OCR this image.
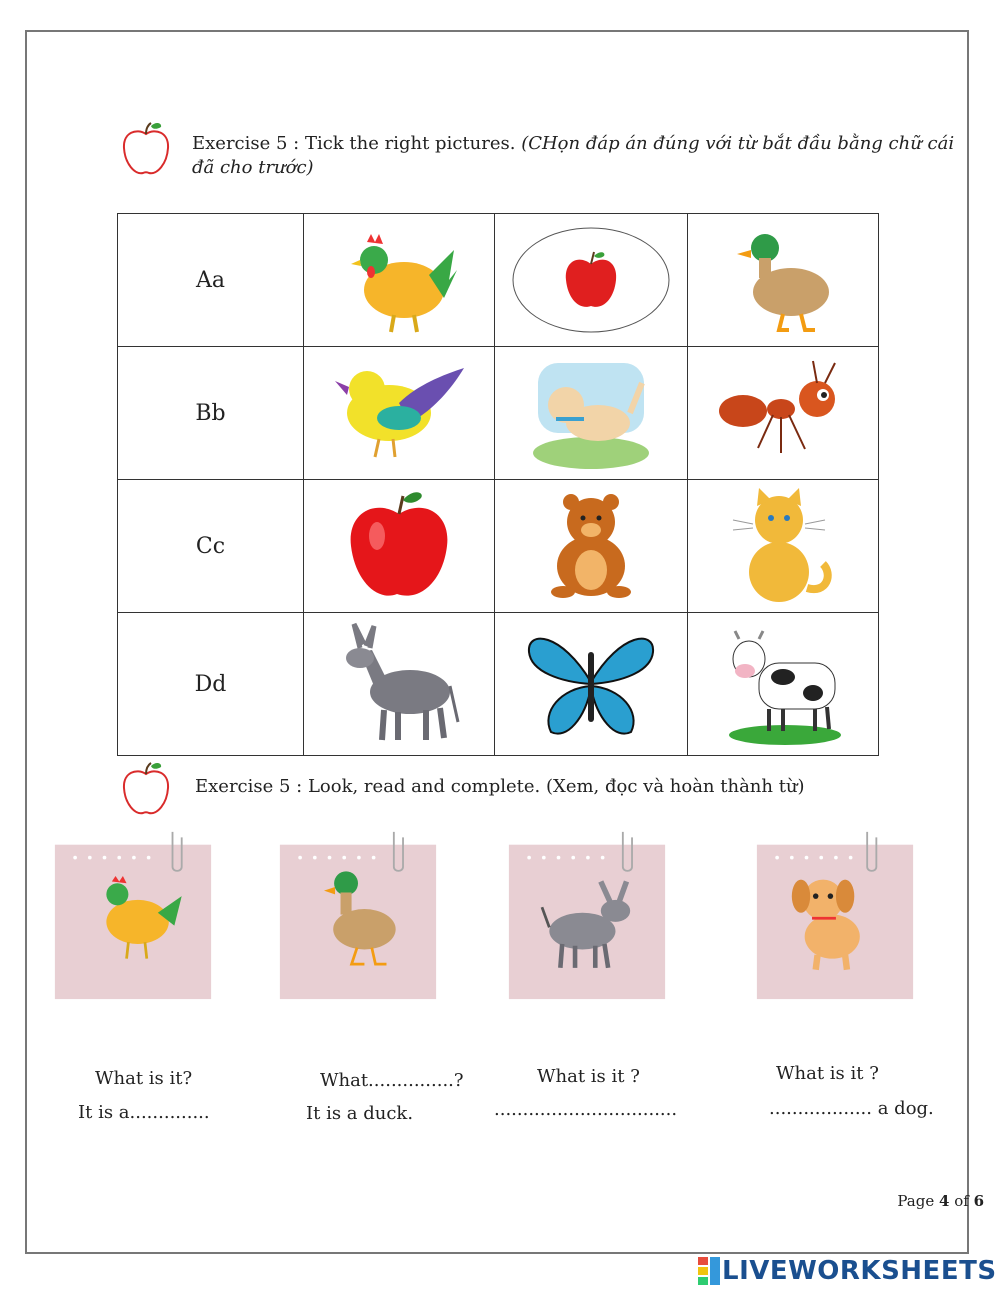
Exercise 5 : Tick the right pictures. (CHọn đáp án đúng với từ bắt đầu bằng chữ cái đã cho trước)
Aa	

Bb	

Cc	

Dd	

Exercise 5 : Look, read and complete. (Xem, đọc và hoàn thành từ)
What is it?
It is a..............
What...............?
It is a duck.
What is it ?
................................
What is it ?
.................. a dog.
Page 4 of 6
LIVEWORKSHEETS
